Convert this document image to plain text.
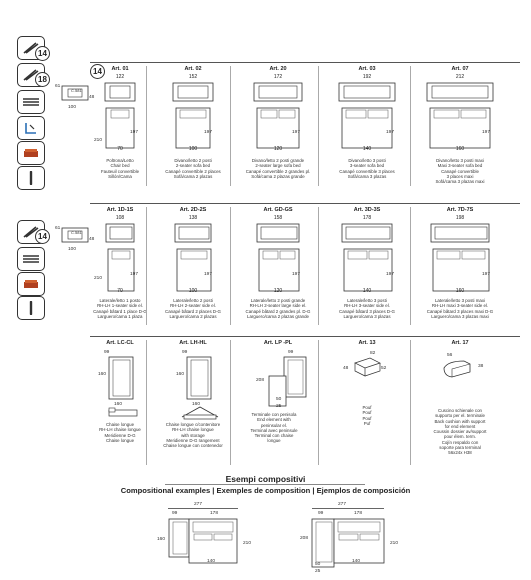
14
18
61
48
100
C.581
14	Art. 01
122
210
197
70
Poltrona/Letto
Chair bed
Fauteuil convertible
Sillón/Cama
Art. 02
152
197
100
Divano/letto 2 posti
2-seater sofa bed
Canapé convertible 2 places
Sofá/cama 2 plazas
Art. 20
172
197
120
Divano/letto 2 posti grande
2-seater large sofa bed
Canapé convertible 2 grandes pl.
Sofá/cama 2 plazas grande
Art. 03
192
197
140
Divano/letto 3 posti
3-seater sofa bed
Canapé convertible 3 places
Sofá/cama 3 plazas
Art. 07
212
197
160
Divano/letto 3 posti maxi
Maxi 3-seater sofa bed
Canapé convertible
3 places maxi
Sofá/cama 3 plazas maxi
14
61
48
100
C.581
Art. 1D-1S
108
210
197
70
Laterale/letto 1 posto
RH-LH 1-seater side el.
Canapé bâtard 1 place D-G
Larguero/cama 1 plaza
Art. 2D-2S
138
197
100
Laterale/letto 2 posti
RH-LH 2-seater side el.
Canapé bâtard 2 places D-G
Larguero/cama 2 plazas
Art. GD-GS
158
197
120
Laterale/letto 2 posti grande
RH-LH 2-seater large side el.
Canapé bâtard 2 grandes pl. D-G
Larguero/cama 2 plazas grande
Art. 3D-3S
178
197
140
Laterale/letto 3 posti
RH-LH 3-seater side el.
Canapé bâtard 3 places D-G
Larguero/cama 3 plazas
Art. 7D-7S
198
197
160
Laterale/letto 3 posti maxi
RH-LH maxi 3-seater side el.
Canapé bâtard 3 places maxi D-G
Larguero/cama 3 plazas maxi
Art. LC-CL
99
160
160
Chaise longue
RH-LH chaise longue
Meridienne D-G
Chaise longue
Art. LH-HL
99
160
160
Chaise longue c/contenitore
RH-LH chaise longue
with storage
Meridienne D-G rangement
Chaise longue con contenedor
Art. LP -PL
99
208
50
25
Terminale con penisola
End element with
peninsular el.
Terminal avec peninsule
Terminal con chaise
longue
Art. 13
82
52
48
Pouf
Pouf
Pouf
Puf
Art. 17
56
38
Cuscino schienale con
supporto per el. terminale
Back cushion with support
for end element
Coussin dossier av/support
pour élem. term.
Cojín respaldo con
soporte para terminal
56x24x H38
Esempi compositivi
Compositional examples | Exemples de composition | Ejemplos de composición
277
99	178
160
210
140
277
99	178
208
210
140
50
25
